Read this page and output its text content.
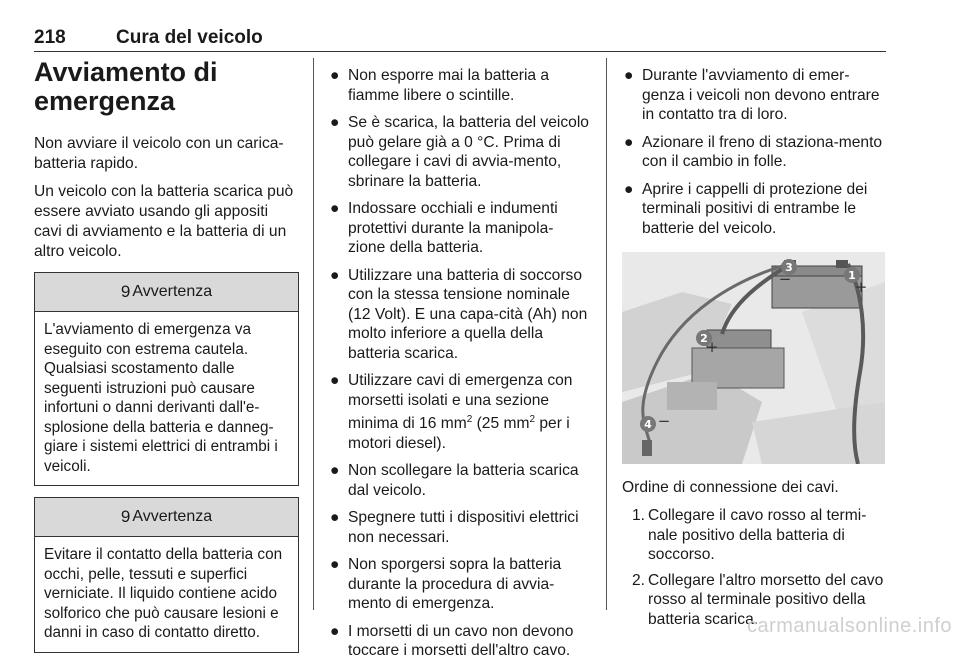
218	Cura del veicolo
Avviamento di emergenza

Non avviare il veicolo con un carica-batteria rapido.

Un veicolo con la batteria scarica può essere avviato usando gli appositi cavi di avviamento e la batteria di un altro veicolo.

9 Avvertenza
L'avviamento di emergenza va eseguito con estrema cautela. Qualsiasi scostamento dalle seguenti istruzioni può causare infortuni o danni derivanti dall'e-splosione della batteria e danneg-giare i sistemi elettrici di entrambi i veicoli.
9 Avvertenza
Evitare il contatto della batteria con occhi, pelle, tessuti e superfici verniciate. Il liquido contiene acido solforico che può causare lesioni e danni in caso di contatto diretto.
● Non esporre mai la batteria a fiamme libere o scintille.
● Se è scarica, la batteria del veicolo può gelare già a 0 °C. Prima di collegare i cavi di avvia-mento, sbrinare la batteria.
● Indossare occhiali e indumenti protettivi durante la manipola-zione della batteria.
● Utilizzare una batteria di soccorso con la stessa tensione nominale (12 Volt). E una capa-cità (Ah) non molto inferiore a quella della batteria scarica.
● Utilizzare cavi di emergenza con morsetti isolati e una sezione minima di 16 $mm^2$ (25 $mm^2$ per i motori diesel).
● Non scollegare la batteria scarica dal veicolo.
● Spegnere tutti i dispositivi elettrici non necessari.
● Non sporgersi sopra la batteria durante la procedura di avvia-mento di emergenza.
● I morsetti di un cavo non devono toccare i morsetti dell'altro cavo.
● Durante l'avviamento di emer-genza i veicoli non devono entrare in contatto tra di loro.
● Azionare il freno di staziona-mento con il cambio in folle.
● Aprire i cappelli di protezione dei terminali positivi di entrambe le batterie del veicolo.
1
+
2
+
3
−
4 −

Ordine di connessione dei cavi.

1. Collegare il cavo rosso al termi-nale positivo della batteria di soccorso.
2. Collegare l'altro morsetto del cavo rosso al terminale positivo della batteria scarica.
carmanualsonline.info
